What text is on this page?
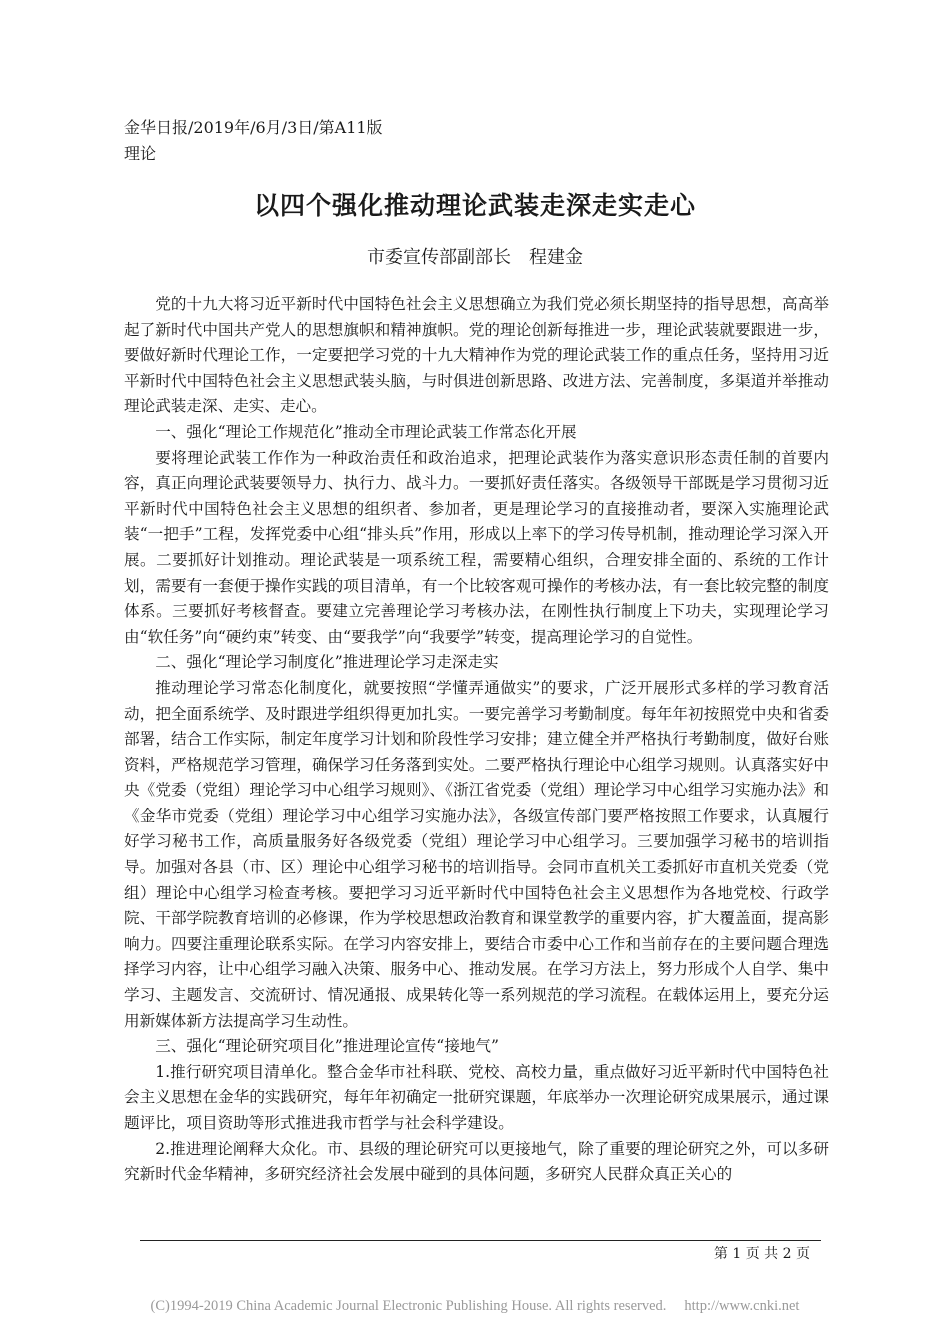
金华日报/2019年/6月/3日/第A11版
理论
以四个强化推动理论武装走深走实走心
市委宣传部副部长 程建金

党的十九大将习近平新时代中国特色社会主义思想确立为我们党必须长期坚持的指导思想，高高举起了新时代中国共产党人的思想旗帜和精神旗帜。党的理论创新每推进一步，理论武装就要跟进一步，要做好新时代理论工作，一定要把学习党的十九大精神作为党的理论武装工作的重点任务，坚持用习近平新时代中国特色社会主义思想武装头脑，与时俱进创新思路、改进方法、完善制度，多渠道并举推动理论武装走深、走实、走心。

一、强化“理论工作规范化”推动全市理论武装工作常态化开展

要将理论武装工作作为一种政治责任和政治追求，把理论武装作为落实意识形态责任制的首要内容，真正向理论武装要领导力、执行力、战斗力。一要抓好责任落实。各级领导干部既是学习贯彻习近平新时代中国特色社会主义思想的组织者、参加者，更是理论学习的直接推动者，要深入实施理论武装“一把手”工程，发挥党委中心组“排头兵”作用，形成以上率下的学习传导机制，推动理论学习深入开展。二要抓好计划推动。理论武装是一项系统工程，需要精心组织，合理安排全面的、系统的工作计划，需要有一套便于操作实践的项目清单，有一个比较客观可操作的考核办法，有一套比较完整的制度体系。三要抓好考核督查。要建立完善理论学习考核办法，在刚性执行制度上下功夫，实现理论学习由“软任务”向“硬约束”转变、由“要我学”向“我要学”转变，提高理论学习的自觉性。

二、强化“理论学习制度化”推进理论学习走深走实

推动理论学习常态化制度化，就要按照“学懂弄通做实”的要求，广泛开展形式多样的学习教育活动，把全面系统学、及时跟进学组织得更加扎实。一要完善学习考勤制度。每年年初按照党中央和省委部署，结合工作实际，制定年度学习计划和阶段性学习安排；建立健全并严格执行考勤制度，做好台账资料，严格规范学习管理，确保学习任务落到实处。二要严格执行理论中心组学习规则。认真落实好中央《党委（党组）理论学习中心组学习规则》、《浙江省党委（党组）理论学习中心组学习实施办法》和《金华市党委（党组）理论学习中心组学习实施办法》，各级宣传部门要严格按照工作要求，认真履行好学习秘书工作，高质量服务好各级党委（党组）理论学习中心组学习。三要加强学习秘书的培训指导。加强对各县（市、区）理论中心组学习秘书的培训指导。会同市直机关工委抓好市直机关党委（党组）理论中心组学习检查考核。要把学习习近平新时代中国特色社会主义思想作为各地党校、行政学院、干部学院教育培训的必修课，作为学校思想政治教育和课堂教学的重要内容，扩大覆盖面，提高影响力。四要注重理论联系实际。在学习内容安排上，要结合市委中心工作和当前存在的主要问题合理选择学习内容，让中心组学习融入决策、服务中心、推动发展。在学习方法上，努力形成个人自学、集中学习、主题发言、交流研讨、情况通报、成果转化等一系列规范的学习流程。在载体运用上，要充分运用新媒体新方法提高学习生动性。

三、强化“理论研究项目化”推进理论宣传“接地气”

1.推行研究项目清单化。整合金华市社科联、党校、高校力量，重点做好习近平新时代中国特色社会主义思想在金华的实践研究，每年年初确定一批研究课题，年底举办一次理论研究成果展示，通过课题评比，项目资助等形式推进我市哲学与社会科学建设。

2.推进理论阐释大众化。市、县级的理论研究可以更接地气，除了重要的理论研究之外，可以多研究新时代金华精神，多研究经济社会发展中碰到的具体问题，多研究人民群众真正关心的

第 1 页 共 2 页
(C)1994-2019 China Academic Journal Electronic Publishing House. All rights reserved. http://www.cnki.net
